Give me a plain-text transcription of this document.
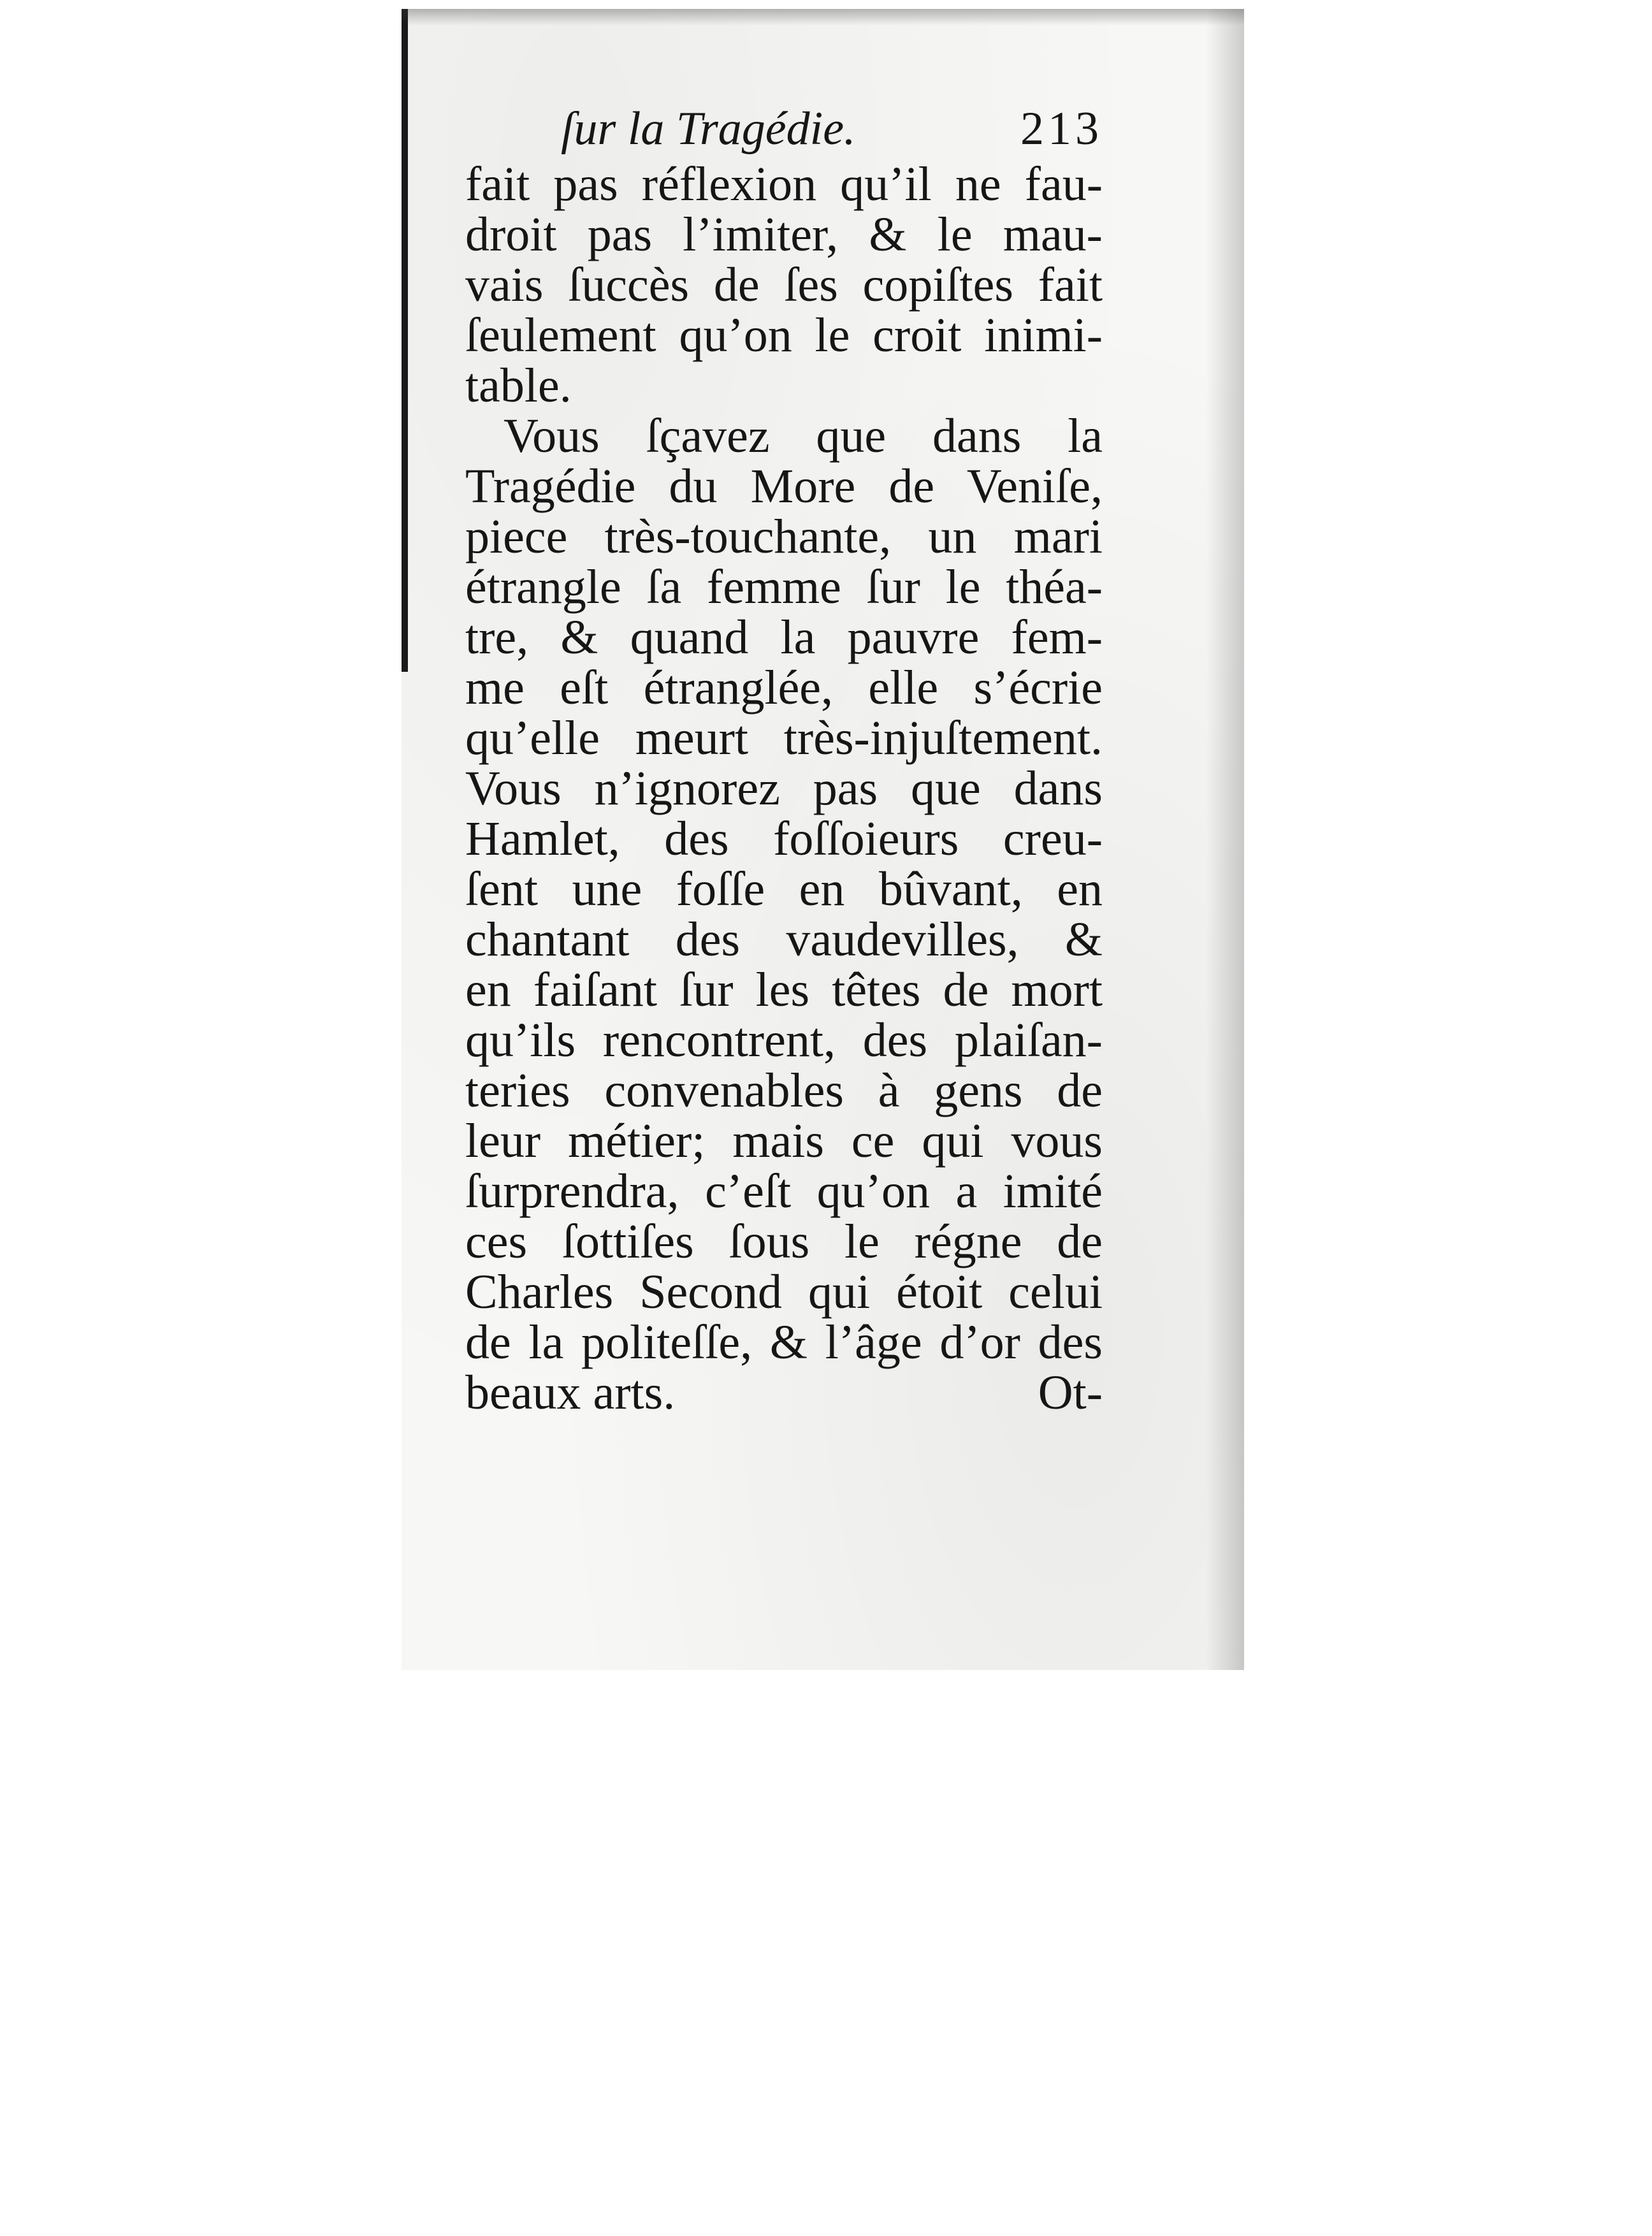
ſur la Tragédie.	213
fait pas réflexion qu’il ne fau-
droit pas l’imiter, & le mau-
vais ſuccès de ſes copiſtes fait
ſeulement qu’on le croit inimi-
table.
Vous ſçavez que dans la
Tragédie du More de Veniſe,
piece très-touchante, un mari
étrangle ſa femme ſur le théa-
tre, & quand la pauvre fem-
me eſt étranglée, elle s’écrie
qu’elle meurt très-injuſtement.
Vous n’ignorez pas que dans
Hamlet, des foſſoieurs creu-
ſent une foſſe en bûvant, en
chantant des vaudevilles, &
en faiſant ſur les têtes de mort
qu’ils rencontrent, des plaiſan-
teries convenables à gens de
leur métier; mais ce qui vous
ſurprendra, c’eſt qu’on a imité
ces ſottiſes ſous le régne de
Charles Second qui étoit celui
de la politeſſe, & l’âge d’or des
beaux arts.	Ot-
